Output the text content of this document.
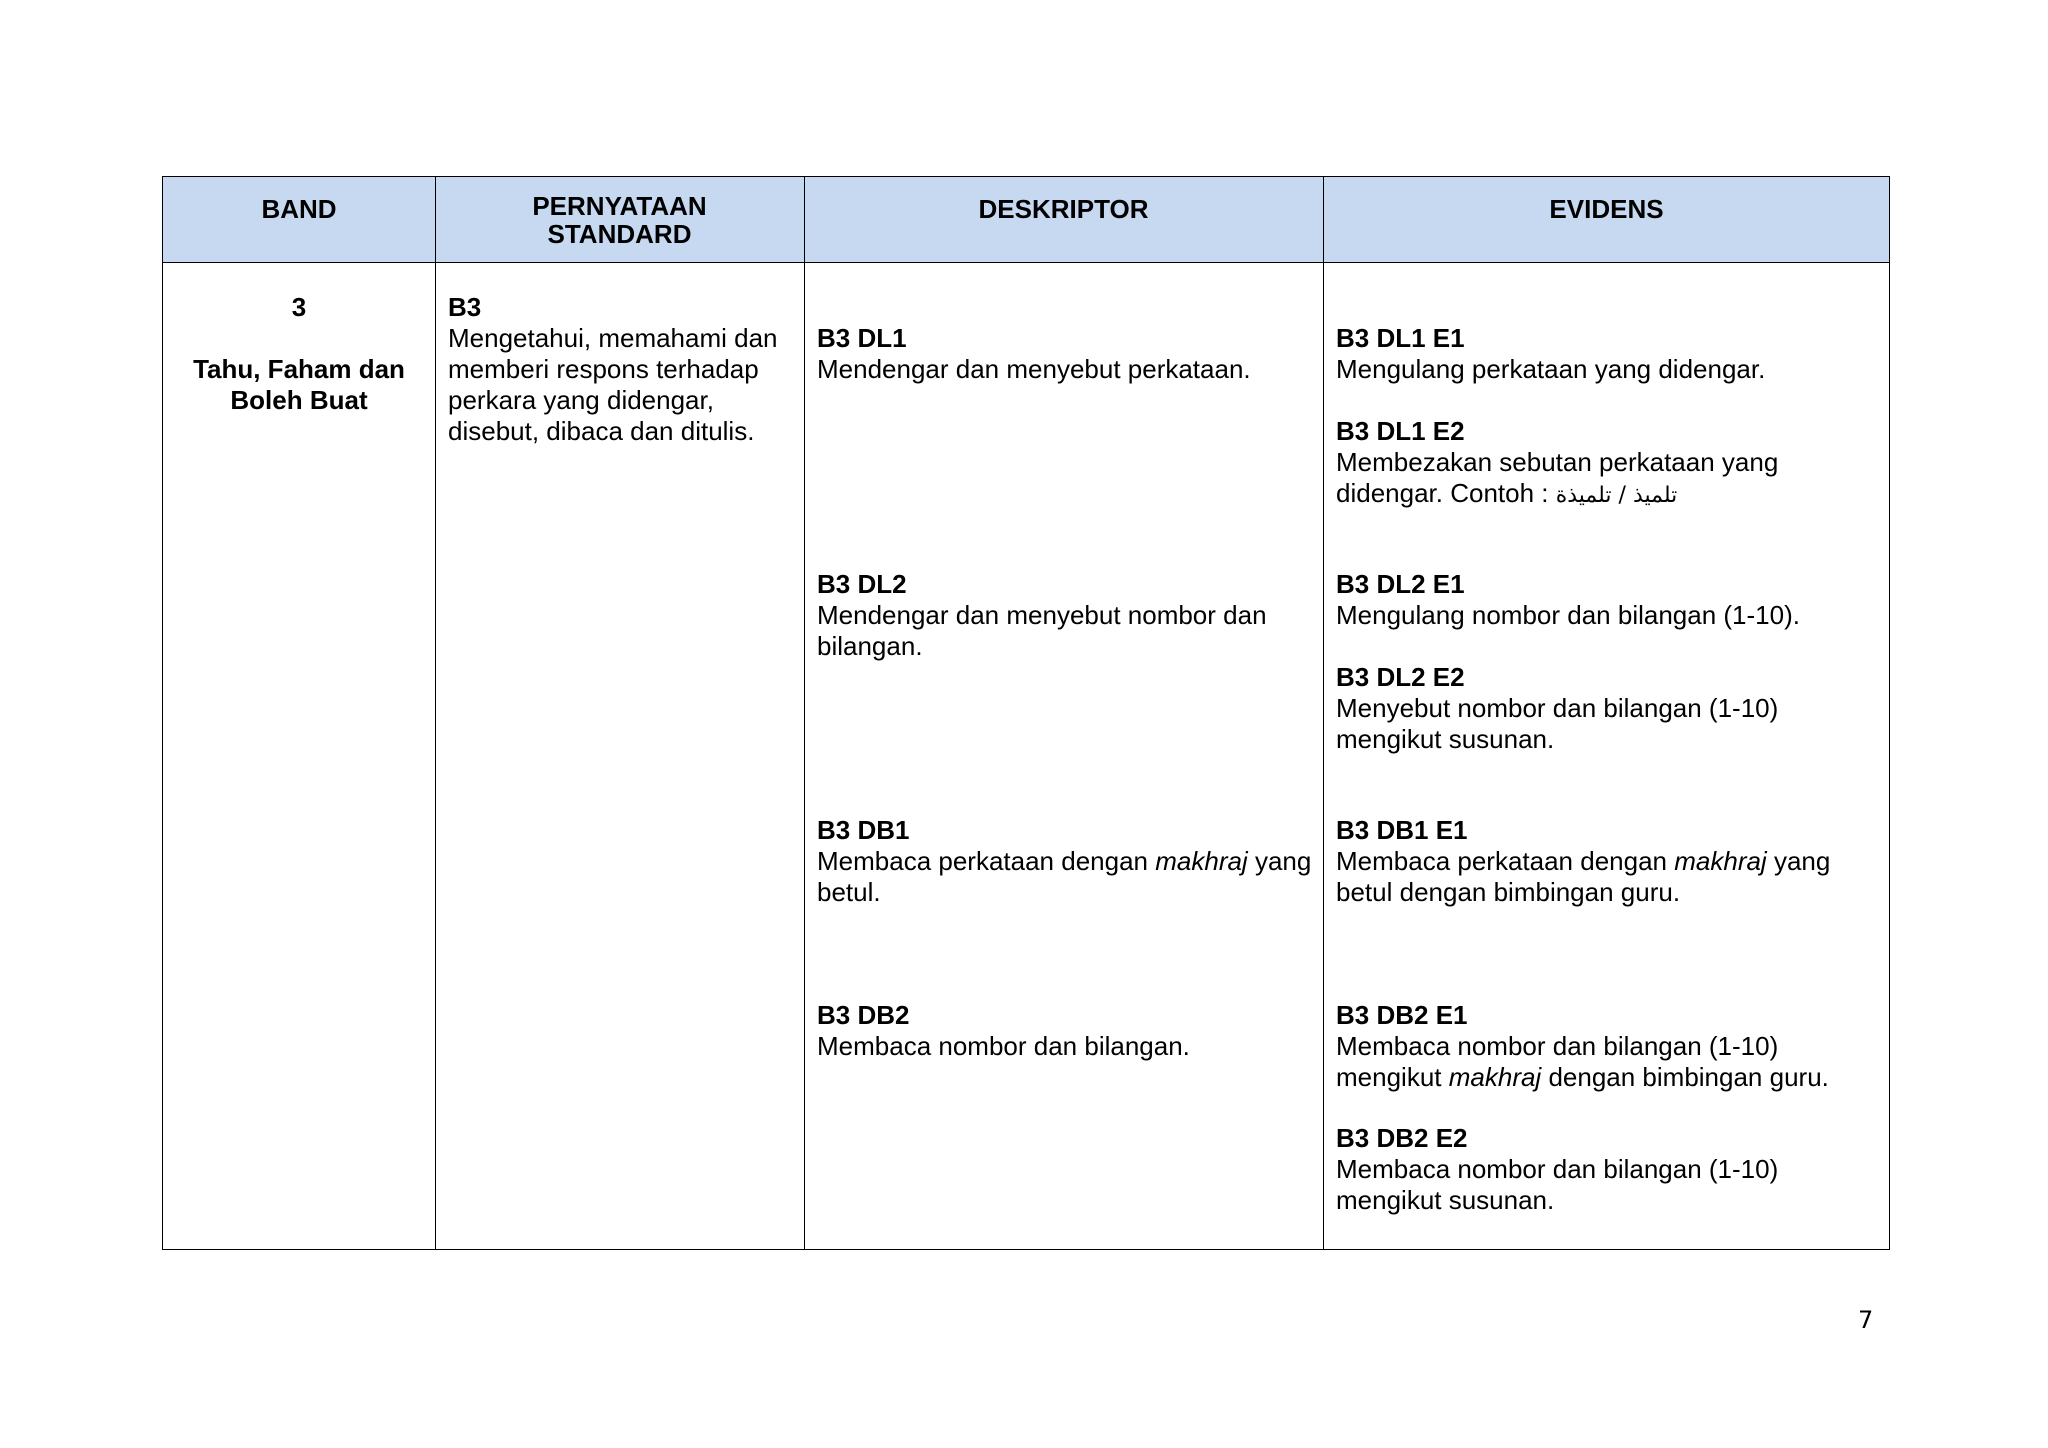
BAND	PERNYATAAN STANDARD
DESKRIPTOR	EVIDENS
3
Tahu, Faham dan Boleh Buat
B3
Mengetahui, memahami dan memberi respons terhadap perkara yang didengar, disebut, dibaca dan ditulis.
B3 DL1
Mendengar dan menyebut perkataan.
B3 DL2
Mendengar dan menyebut nombor dan bilangan.
B3 DB1
Membaca perkataan dengan makhraj yang betul.
B3 DB2
Membaca nombor dan bilangan.
B3 DL1 E1
Mengulang perkataan yang didengar.
B3 DL1 E2
Membezakan sebutan perkataan yang didengar. Contoh : تلميذ / تلميذة
B3 DL2 E1
Mengulang nombor dan bilangan (1-10).
B3 DL2 E2
Menyebut nombor dan bilangan (1-10) mengikut susunan.
B3 DB1 E1
Membaca perkataan dengan makhraj yang betul dengan bimbingan guru.
B3 DB2 E1
Membaca nombor dan bilangan (1-10) mengikut makhraj dengan bimbingan guru.
B3 DB2 E2
Membaca nombor dan bilangan (1-10) mengikut susunan.
7
